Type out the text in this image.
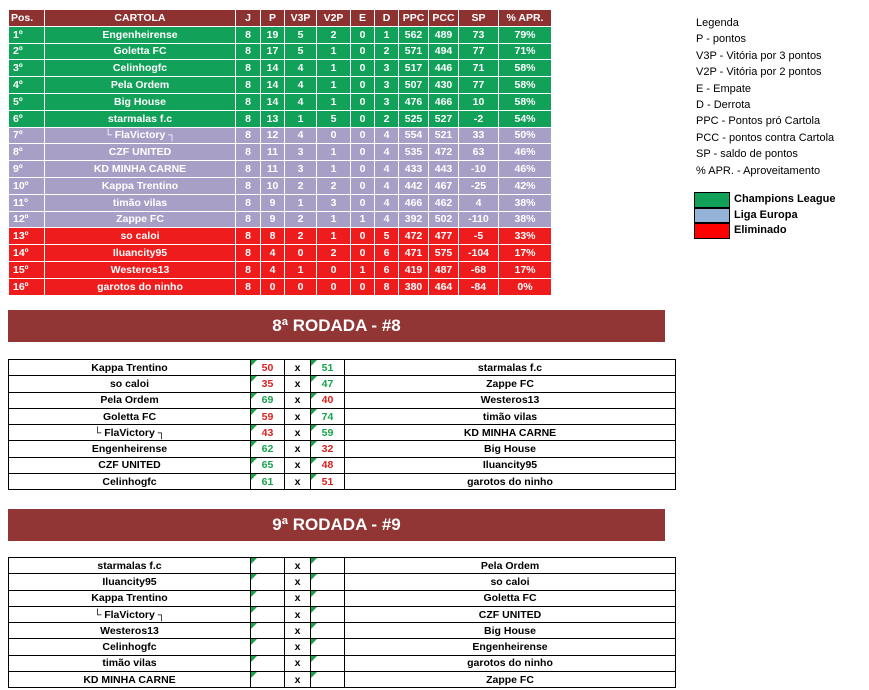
Pos.	CARTOLA	J	P	V3P	V2P	E	D	PPC	PCC	SP	% APR.
1º	Engenheirense	8	19	5	2	0	1	562	489	73	79%
2º	Goletta FC	8	17	5	1	0	2	571	494	77	71%
3º	Celinhogfc	8	14	4	1	0	3	517	446	71	58%
4º	Pela Ordem	8	14	4	1	0	3	507	430	77	58%
5º	Big House	8	14	4	1	0	3	476	466	10	58%
6º	starmalas f.c	8	13	1	5	0	2	525	527	-2	54%
7º	└ FlaVictory ┐	8	12	4	0	0	4	554	521	33	50%
8º	CZF UNITED	8	11	3	1	0	4	535	472	63	46%
9º	KD MINHA CARNE	8	11	3	1	0	4	433	443	-10	46%
10º	Kappa Trentino	8	10	2	2	0	4	442	467	-25	42%
11º	timão vilas	8	9	1	3	0	4	466	462	4	38%
12º	Zappe FC	8	9	2	1	1	4	392	502	-110	38%
13º	so caloi	8	8	2	1	0	5	472	477	-5	33%
14º	Iluancity95	8	4	0	2	0	6	471	575	-104	17%
15º	Westeros13	8	4	1	0	1	6	419	487	-68	17%
16º	garotos do ninho	8	0	0	0	0	8	380	464	-84	0%
Legenda
P - pontos
V3P - Vitória por 3 pontos
V2P - Vitória por 2 pontos
E - Empate
D - Derrota
PPC - Pontos pró Cartola
PCC - pontos contra Cartola
SP - saldo de pontos
% APR. - Aproveitamento
Champions League
Liga Europa
Eliminado
8ª RODADA - #8
Kappa Trentino	50	x	51	starmalas f.c
so caloi	35	x	47	Zappe FC
Pela Ordem	69	x	40	Westeros13
Goletta FC	59	x	74	timão vilas
└ FlaVictory ┐	43	x	59	KD MINHA CARNE
Engenheirense	62	x	32	Big House
CZF UNITED	65	x	48	Iluancity95
Celinhogfc	61	x	51	garotos do ninho
9ª RODADA - #9
starmalas f.c		x		Pela Ordem
Iluancity95		x		so caloi
Kappa Trentino		x		Goletta FC
└ FlaVictory ┐		x		CZF UNITED
Westeros13		x		Big House
Celinhogfc		x		Engenheirense
timão vilas		x		garotos do ninho
KD MINHA CARNE		x		Zappe FC
